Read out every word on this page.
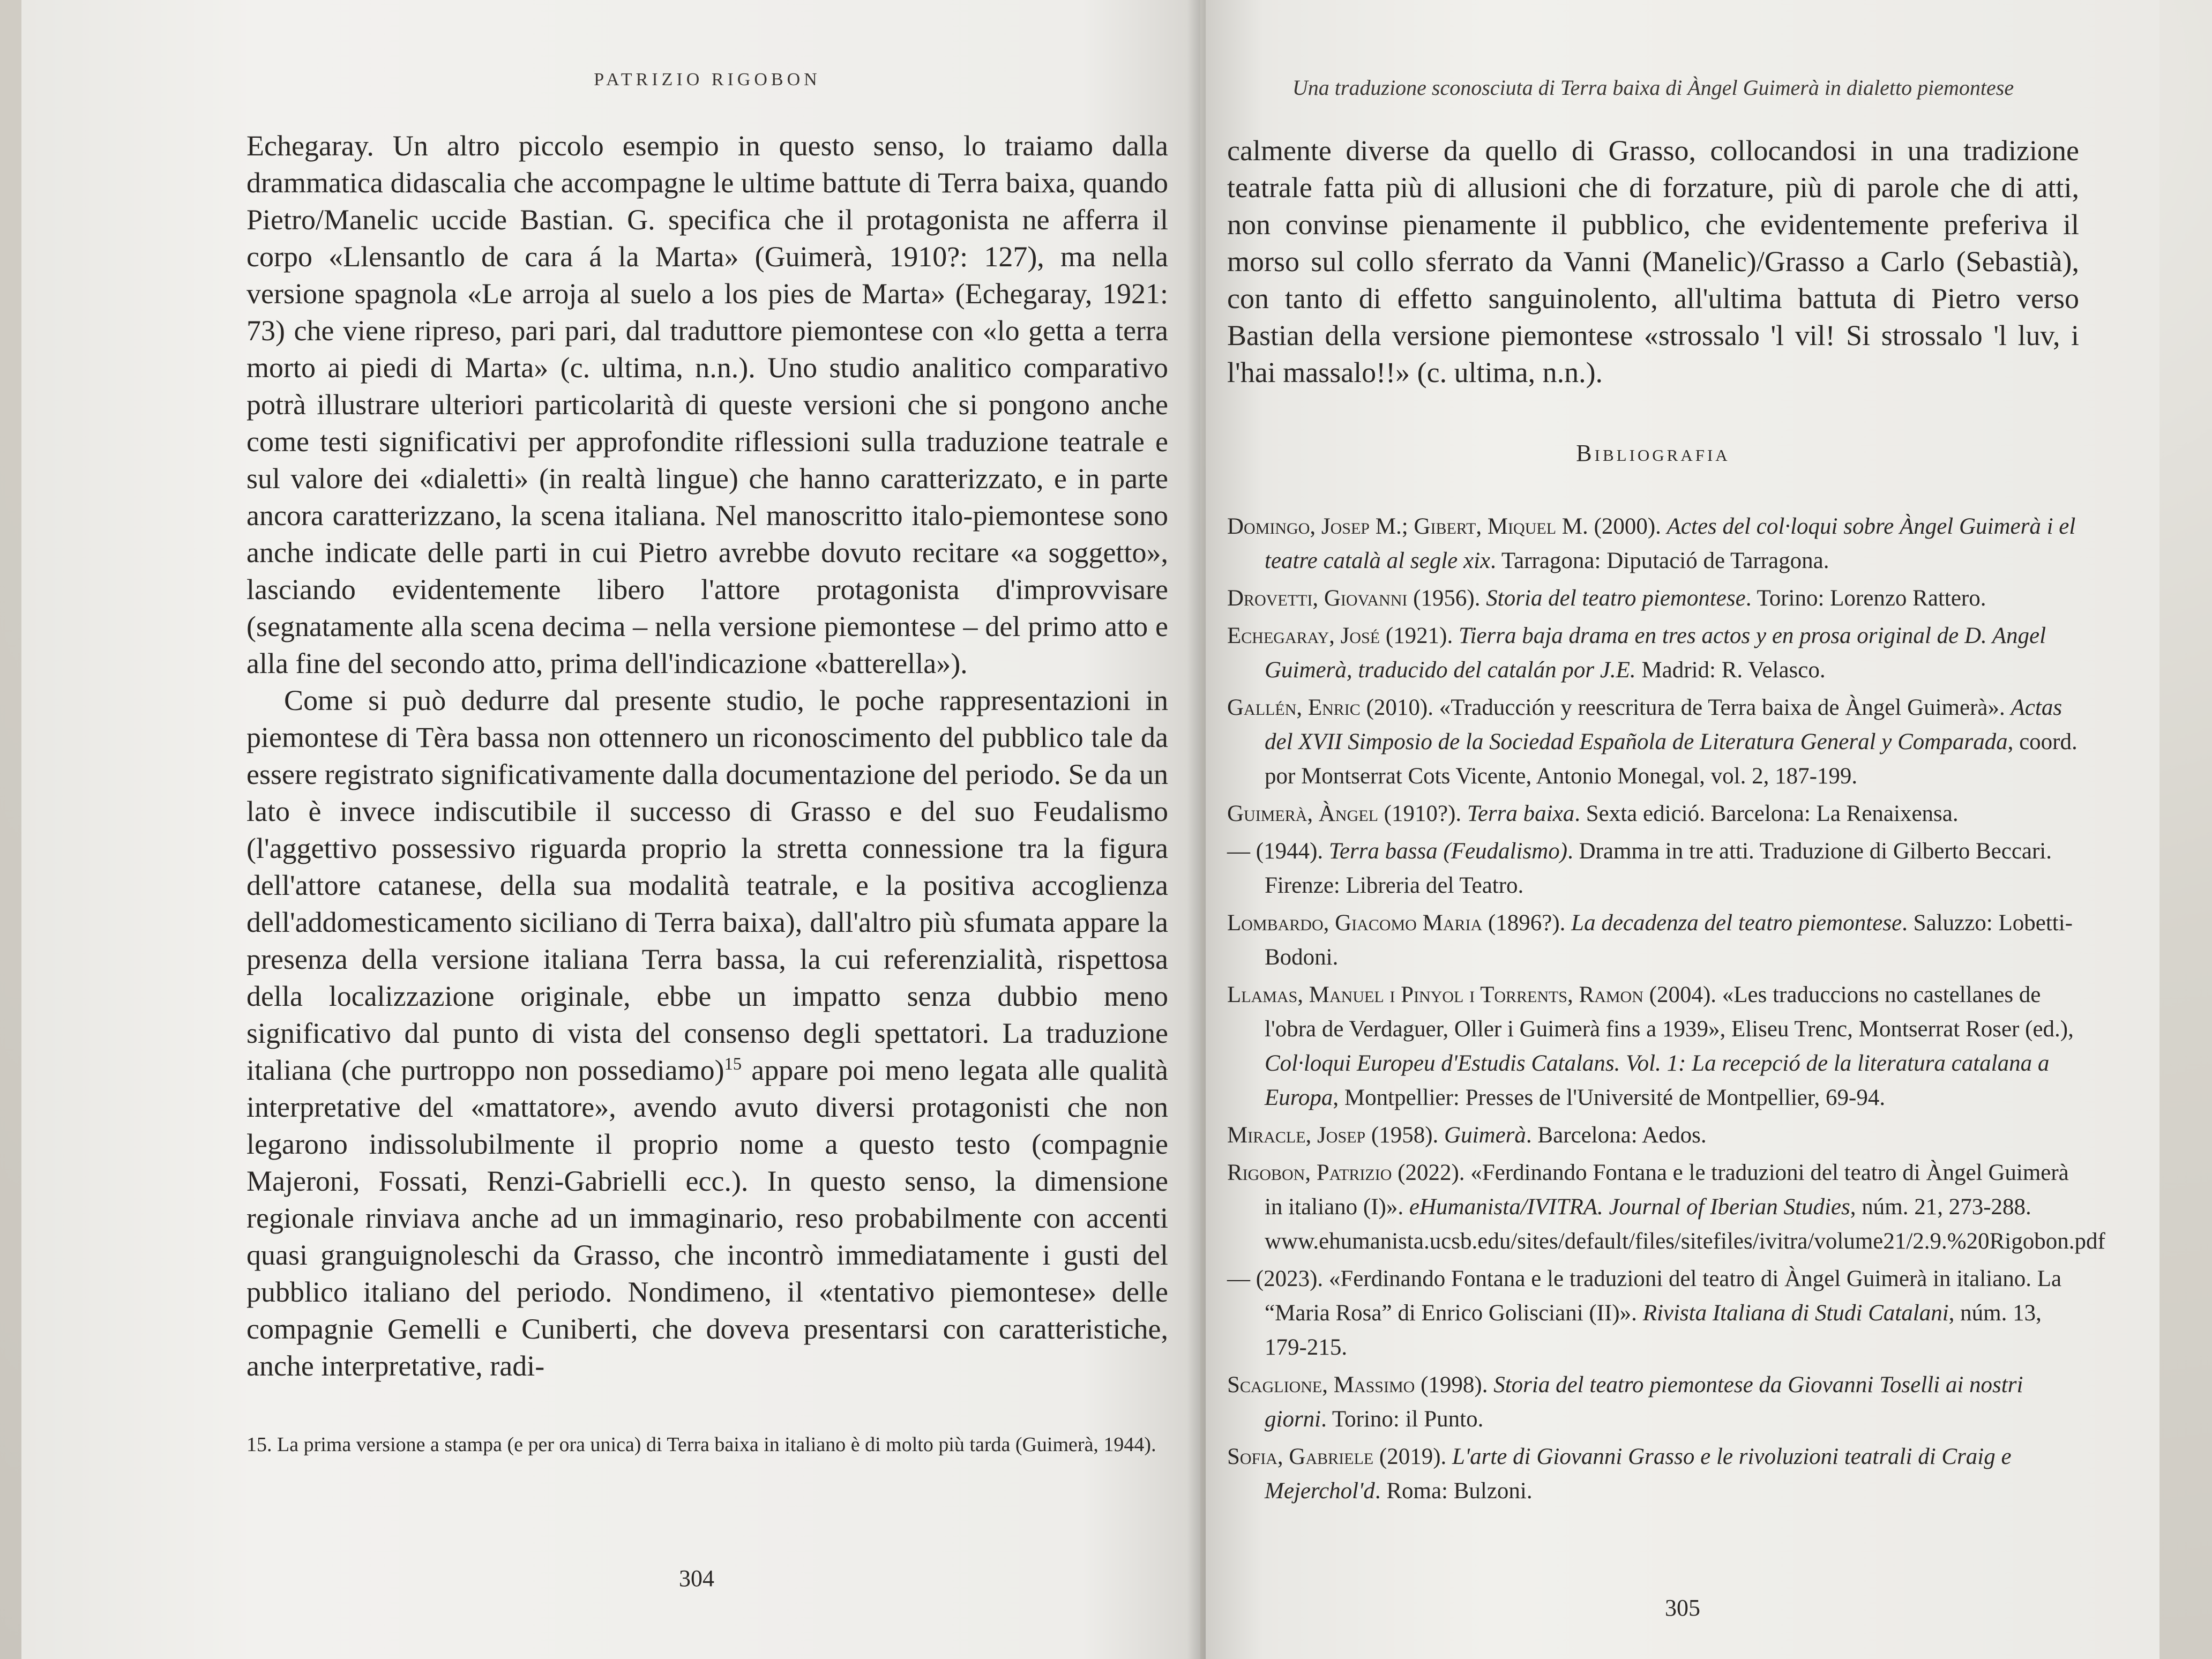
PATRIZIO RIGOBON

Echegaray. Un altro piccolo esempio in questo senso, lo traiamo dalla drammatica didascalia che accompagne le ultime battute di Terra baixa, quando Pietro/Manelic uccide Bastian. G. specifica che il protagonista ne afferra il corpo «Llensantlo de cara á la Marta» (Guimerà, 1910?: 127), ma nella versione spagnola «Le arroja al suelo a los pies de Marta» (Echegaray, 1921: 73) che viene ripreso, pari pari, dal traduttore piemontese con «lo getta a terra morto ai piedi di Marta» (c. ultima, n.n.). Uno studio analitico comparativo potrà illustrare ulteriori particolarità di queste versioni che si pongono anche come testi significativi per approfondite riflessioni sulla traduzione teatrale e sul valore dei «dialetti» (in realtà lingue) che hanno caratterizzato, e in parte ancora caratterizzano, la scena italiana. Nel manoscritto italo-piemontese sono anche indicate delle parti in cui Pietro avrebbe dovuto recitare «a soggetto», lasciando evidentemente libero l'attore protagonista d'improvvisare (segnatamente alla scena decima – nella versione piemontese – del primo atto e alla fine del secondo atto, prima dell'indicazione «batterella»).

Come si può dedurre dal presente studio, le poche rappresentazioni in piemontese di Tèra bassa non ottennero un riconoscimento del pubblico tale da essere registrato significativamente dalla documentazione del periodo. Se da un lato è invece indiscutibile il successo di Grasso e del suo Feudalismo (l'aggettivo possessivo riguarda proprio la stretta connessione tra la figura dell'attore catanese, della sua modalità teatrale, e la positiva accoglienza dell'addomesticamento siciliano di Terra baixa), dall'altro più sfumata appare la presenza della versione italiana Terra bassa, la cui referenzialità, rispettosa della localizzazione originale, ebbe un impatto senza dubbio meno significativo dal punto di vista del consenso degli spettatori. La traduzione italiana (che purtroppo non possediamo)$^{15}$ appare poi meno legata alle qualità interpretative del «mattatore», avendo avuto diversi protagonisti che non legarono indissolubilmente il proprio nome a questo testo (compagnie Majeroni, Fossati, Renzi-Gabrielli ecc.). In questo senso, la dimensione regionale rinviava anche ad un immaginario, reso probabilmente con accenti quasi granguignoleschi da Grasso, che incontrò immediatamente i gusti del pubblico italiano del periodo. Nondimeno, il «tentativo piemontese» delle compagnie Gemelli e Cuniberti, che doveva presentarsi con caratteristiche, anche interpretative, radi-

15. La prima versione a stampa (e per ora unica) di Terra baixa in italiano è di molto più tarda (Guimerà, 1944).
304
Una traduzione sconosciuta di Terra baixa di Àngel Guimerà in dialetto piemontese

calmente diverse da quello di Grasso, collocandosi in una tradizione teatrale fatta più di allusioni che di forzature, più di parole che di atti, non convinse pienamente il pubblico, che evidentemente preferiva il morso sul collo sferrato da Vanni (Manelic)/Grasso a Carlo (Sebastià), con tanto di effetto sanguinolento, all'ultima battuta di Pietro verso Bastian della versione piemontese «strossalo 'l vil! Si strossalo 'l luv, i l'hai massalo!!» (c. ultima, n.n.).

Bibliografia

Domingo, Josep M.; Gibert, Miquel M. (2000). Actes del col·loqui sobre Àngel Guimerà i el teatre català al segle xix. Tarragona: Diputació de Tarragona.

Drovetti, Giovanni (1956). Storia del teatro piemontese. Torino: Lorenzo Rattero.

Echegaray, José (1921). Tierra baja drama en tres actos y en prosa original de D. Angel Guimerà, traducido del catalán por J.E. Madrid: R. Velasco.

Gallén, Enric (2010). «Traducción y reescritura de Terra baixa de Àngel Guimerà». Actas del XVII Simposio de la Sociedad Española de Literatura General y Comparada, coord. por Montserrat Cots Vicente, Antonio Monegal, vol. 2, 187-199.

Guimerà, Àngel (1910?). Terra baixa. Sexta edició. Barcelona: La Renaixensa.

— (1944). Terra bassa (Feudalismo). Dramma in tre atti. Traduzione di Gilberto Beccari. Firenze: Libreria del Teatro.

Lombardo, Giacomo Maria (1896?). La decadenza del teatro piemontese. Saluzzo: Lobetti-Bodoni.

Llamas, Manuel i Pinyol i Torrents, Ramon (2004). «Les traduccions no castellanes de l'obra de Verdaguer, Oller i Guimerà fins a 1939», Eliseu Trenc, Montserrat Roser (ed.), Col·loqui Europeu d'Estudis Catalans. Vol. 1: La recepció de la literatura catalana a Europa, Montpellier: Presses de l'Université de Montpellier, 69-94.

Miracle, Josep (1958). Guimerà. Barcelona: Aedos.

Rigobon, Patrizio (2022). «Ferdinando Fontana e le traduzioni del teatro di Àngel Guimerà in italiano (I)». eHumanista/IVITRA. Journal of Iberian Studies, núm. 21, 273-288. www.ehumanista.ucsb.edu/sites/default/files/sitefiles/ivitra/volume21/2.9.%20Rigobon.pdf

— (2023). «Ferdinando Fontana e le traduzioni del teatro di Àngel Guimerà in italiano. La “Maria Rosa” di Enrico Golisciani (II)». Rivista Italiana di Studi Catalani, núm. 13, 179-215.

Scaglione, Massimo (1998). Storia del teatro piemontese da Giovanni Toselli ai nostri giorni. Torino: il Punto.

Sofia, Gabriele (2019). L'arte di Giovanni Grasso e le rivoluzioni teatrali di Craig e Mejerchol'd. Roma: Bulzoni.

305
